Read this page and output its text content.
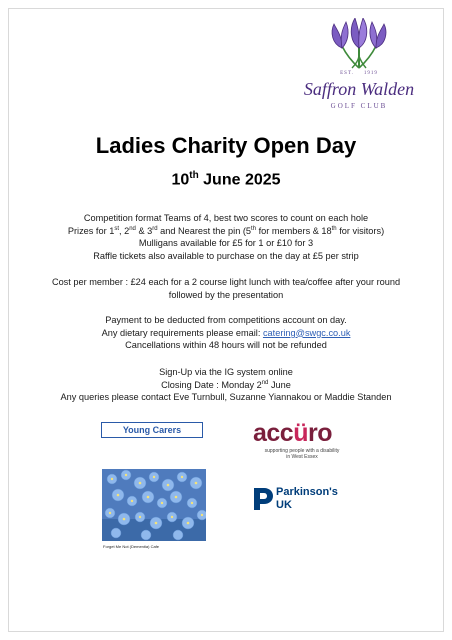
EST. 1919
Saffron Walden
GOLF CLUB
Ladies Charity Open Day
10th June 2025
Competition format Teams of 4, best two scores to count on each hole
Prizes for 1st, 2nd & 3rd and Nearest the pin (5th for members & 18th for visitors)
Mulligans available for £5 for 1 or £10 for 3
Raffle tickets also available to purchase on the day at £5 per strip
Cost per member : £24 each for a 2 course light lunch with tea/coffee after your round
followed by the presentation
Payment to be deducted from competitions account on day.
Any dietary requirements please email: catering@swgc.co.uk
Cancellations within 48 hours will not be refunded
Sign-Up via the IG system online
Closing Date : Monday 2nd June
Any queries please contact Eve Turnbull, Suzanne Yiannakou or Maddie Standen
Young Carers	accüro
supporting people with a disability
in West Essex
Forget Me Not (Dementia) Cafe
Parkinson's
UK
